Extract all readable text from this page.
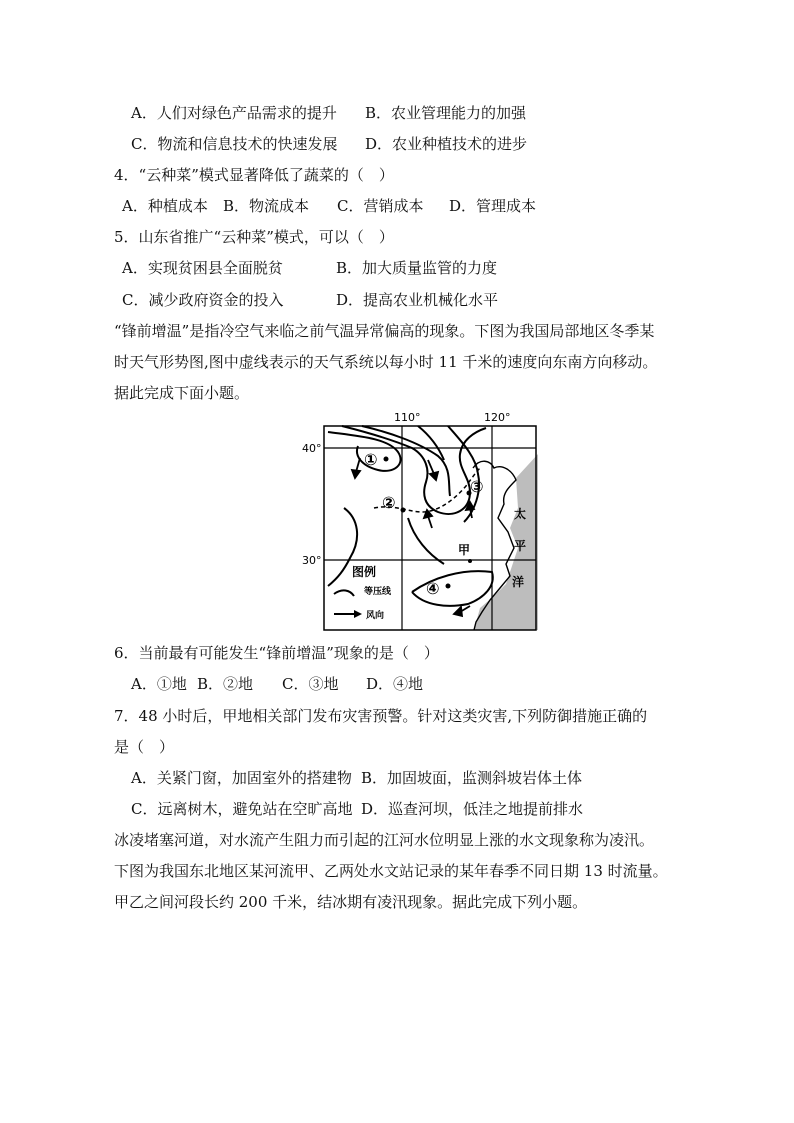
A．人们对绿色产品需求的提升 B．农业管理能力的加强
C．物流和信息技术的快速发展 D．农业种植技术的进步
4．“云种菜”模式显著降低了蔬菜的（　）
A．种植成本 B．物流成本 C．营销成本 D．管理成本
5．山东省推广“云种菜”模式，可以（　）
A．实现贫困县全面脱贫	B．加大质量监管的力度
C．减少政府资金的投入	D．提高农业机械化水平
“锋前增温”是指冷空气来临之前气温异常偏高的现象。下图为我国局部地区冬季某
时天气形势图,图中虚线表示的天气系统以每小时 11 千米的速度向东南方向移动。
据此完成下面小题。
110°	120°
40°
30°
①
②
③
④
甲
太
平
洋
图例
等压线
风向
6．当前最有可能发生“锋前增温”现象的是（　）
A．①地 B．②地 C．③地 D．④地
7．48 小时后，甲地相关部门发布灾害预警。针对这类灾害,下列防御措施正确的
是（　）
A．关紧门窗，加固室外的搭建物 B．加固坡面，监测斜坡岩体土体
C．远离树木，避免站在空旷高地 D．巡查河坝，低洼之地提前排水
冰凌堵塞河道，对水流产生阻力而引起的江河水位明显上涨的水文现象称为凌汛。
下图为我国东北地区某河流甲、乙两处水文站记录的某年春季不同日期 13 时流量。
甲乙之间河段长约 200 千米，结冰期有凌汛现象。据此完成下列小题。
